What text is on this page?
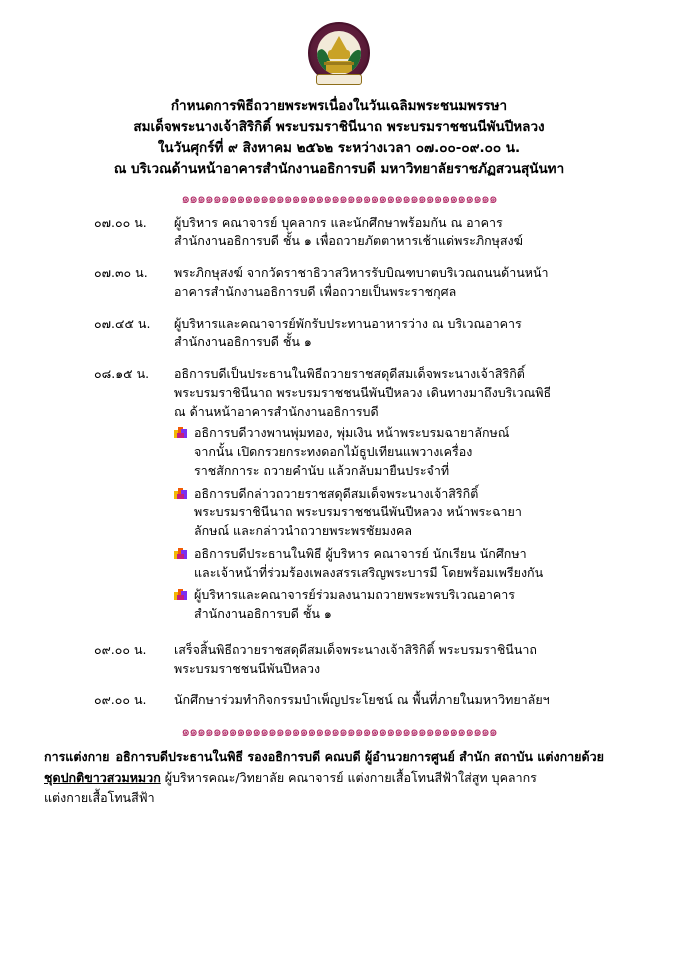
กำหนดการพิธีถวายพระพรเนื่องในวันเฉลิมพระชนมพรรษา
สมเด็จพระนางเจ้าสิริกิติ์ พระบรมราชินีนาถ พระบรมราชชนนีพันปีหลวง
ในวันศุกร์ที่ ๙ สิงหาคม ๒๕๖๒ ระหว่างเวลา ๐๗.๐๐-๐๙.๐๐ น.
ณ บริเวณด้านหน้าอาคารสำนักงานอธิการบดี มหาวิทยาลัยราชภัฏสวนสุนันทา
๑๑๑๑๑๑๑๑๑๑๑๑๑๑๑๑๑๑๑๑๑๑๑๑๑๑๑๑๑๑๑๑๑๑๑๑๑๑๑๑
๐๗.๐๐ น.	ผู้บริหาร คณาจารย์ บุคลากร และนักศึกษาพร้อมกัน ณ อาคาร

สำนักงานอธิการบดี ชั้น ๑ เพื่อถวายภัตตาหารเช้าแด่พระภิกษุสงฆ์

๐๗.๓๐ น.	พระภิกษุสงฆ์ จากวัดราชาธิวาสวิหารรับบิณฑบาตบริเวณถนนด้านหน้า

อาคารสำนักงานอธิการบดี เพื่อถวายเป็นพระราชกุศล

๐๗.๔๕ น.	ผู้บริหารและคณาจารย์พักรับประทานอาหารว่าง ณ บริเวณอาคาร

สำนักงานอธิการบดี ชั้น ๑

๐๘.๑๕ น.	อธิการบดีเป็นประธานในพิธีถวายราชสดุดีสมเด็จพระนางเจ้าสิริกิติ์

พระบรมราชินีนาถ พระบรมราชชนนีพันปีหลวง เดินทางมาถึงบริเวณพิธี

ณ ด้านหน้าอาคารสำนักงานอธิการบดี

อธิการบดีวางพานพุ่มทอง, พุ่มเงิน หน้าพระบรมฉายาลักษณ์
จากนั้น เปิดกรวยกระทงดอกไม้ธูปเทียนแพวางเครื่อง
ราชสักการะ ถวายคำนับ แล้วกลับมายืนประจำที่
อธิการบดีกล่าวถวายราชสดุดีสมเด็จพระนางเจ้าสิริกิติ์
พระบรมราชินีนาถ พระบรมราชชนนีพันปีหลวง หน้าพระฉายา
ลักษณ์ และกล่าวนำถวายพระพรชัยมงคล
อธิการบดีประธานในพิธี ผู้บริหาร คณาจารย์ นักเรียน นักศึกษา
และเจ้าหน้าที่ร่วมร้องเพลงสรรเสริญพระบารมี โดยพร้อมเพรียงกัน
ผู้บริหารและคณาจารย์ร่วมลงนามถวายพระพรบริเวณอาคาร
สำนักงานอธิการบดี ชั้น ๑
๐๙.๐๐ น.	เสร็จสิ้นพิธีถวายราชสดุดีสมเด็จพระนางเจ้าสิริกิติ์ พระบรมราชินีนาถ

พระบรมราชชนนีพันปีหลวง

๐๙.๐๐ น.	นักศึกษาร่วมทำกิจกรรมบำเพ็ญประโยชน์ ณ พื้นที่ภายในมหาวิทยาลัยฯ

๑๑๑๑๑๑๑๑๑๑๑๑๑๑๑๑๑๑๑๑๑๑๑๑๑๑๑๑๑๑๑๑๑๑๑๑๑๑๑๑
การแต่งกาย อธิการบดีประธานในพิธี รองอธิการบดี คณบดี ผู้อำนวยการศูนย์ สำนัก สถาบัน แต่งกายด้วย
ชุดปกติขาวสวมหมวก ผู้บริหารคณะ/วิทยาลัย คณาจารย์ แต่งกายเสื้อโทนสีฟ้าใส่สูท บุคลากร
แต่งกายเสื้อโทนสีฟ้า
